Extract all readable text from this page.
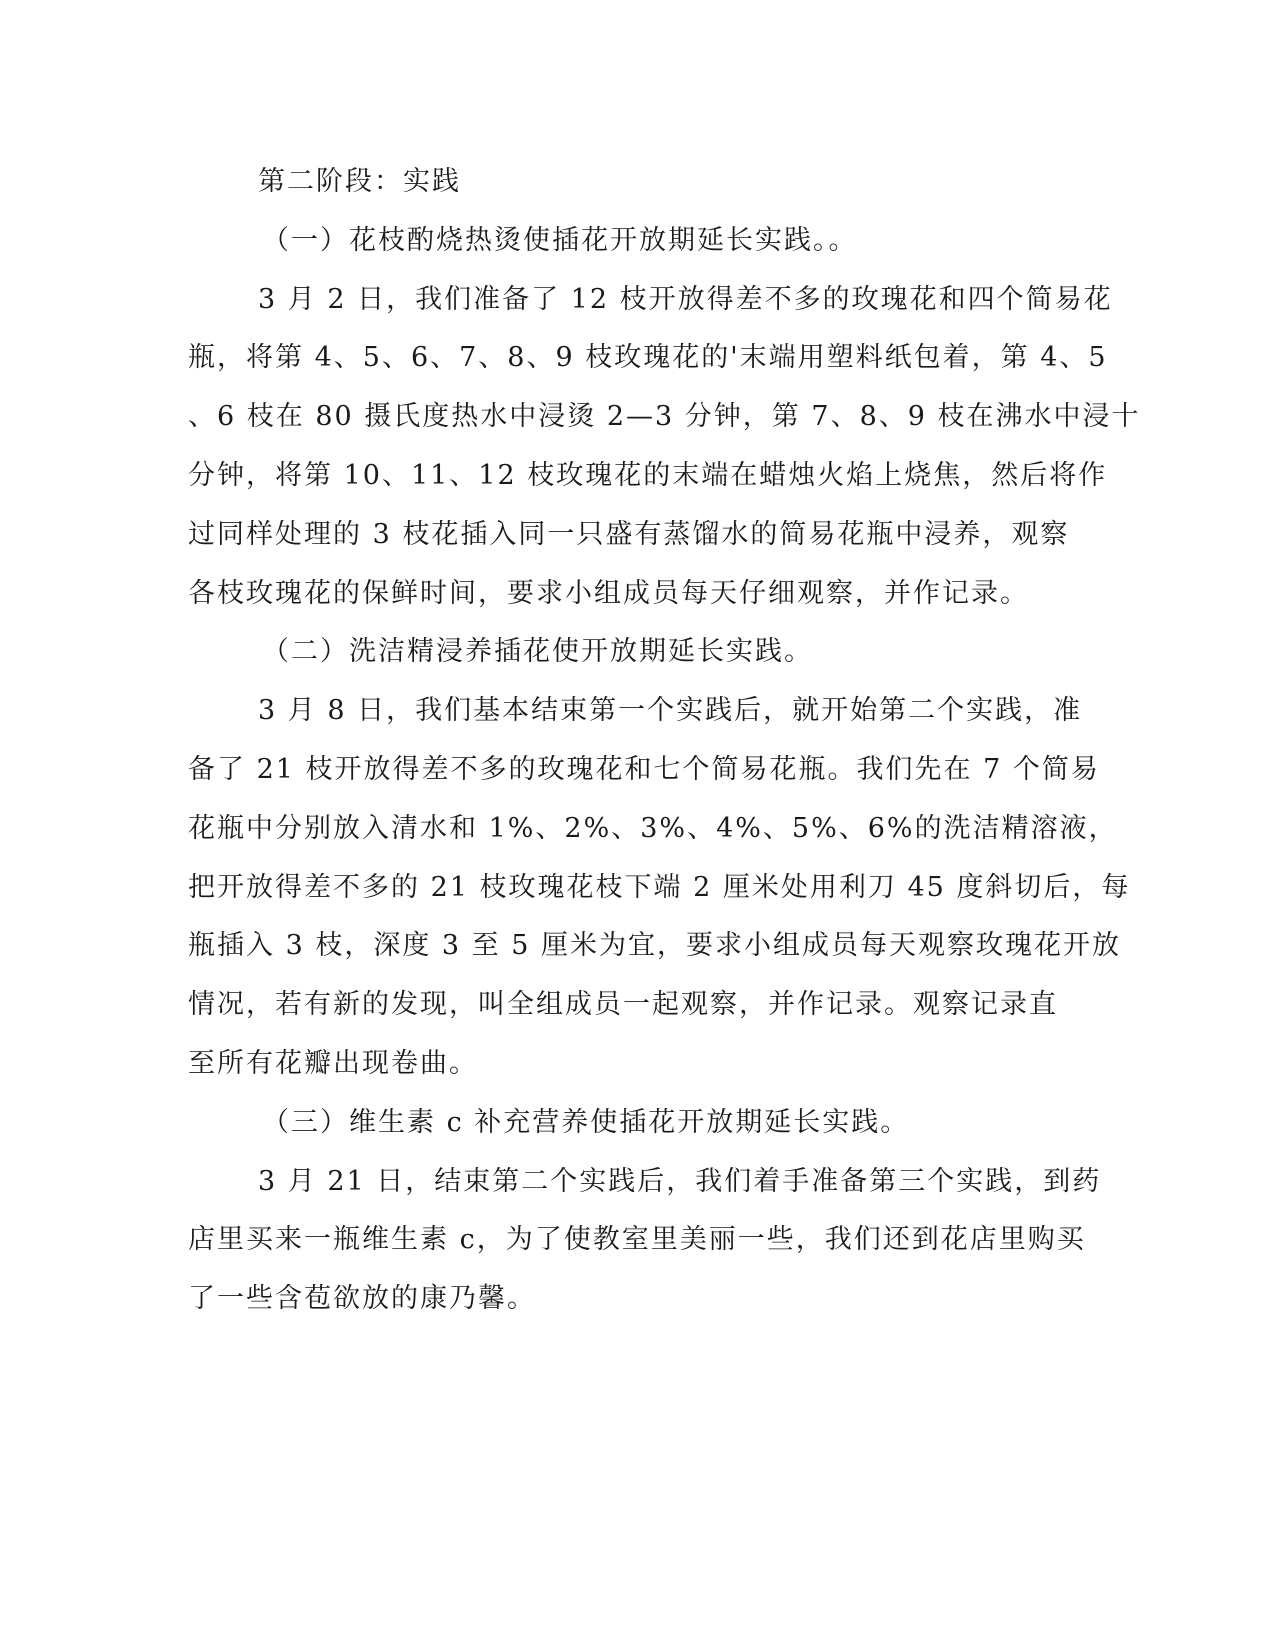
第二阶段：实践
（一）花枝酌烧热烫使插花开放期延长实践。。
3 月 2 日，我们准备了 12 枝开放得差不多的玫瑰花和四个简易花
瓶，将第 4、5、6、7、8、9 枝玫瑰花的'末端用塑料纸包着，第 4、5
、6 枝在 80 摄氏度热水中浸烫 2—3 分钟，第 7、8、9 枝在沸水中浸十
分钟，将第 10、11、12 枝玫瑰花的末端在蜡烛火焰上烧焦，然后将作
过同样处理的 3 枝花插入同一只盛有蒸馏水的简易花瓶中浸养，观察
各枝玫瑰花的保鲜时间，要求小组成员每天仔细观察，并作记录。
（二）洗洁精浸养插花使开放期延长实践。
3 月 8 日，我们基本结束第一个实践后，就开始第二个实践，准
备了 21 枝开放得差不多的玫瑰花和七个简易花瓶。我们先在 7 个简易
花瓶中分别放入清水和 1%、2%、3%、4%、5%、6%的洗洁精溶液，
把开放得差不多的 21 枝玫瑰花枝下端 2 厘米处用利刀 45 度斜切后，每
瓶插入 3 枝，深度 3 至 5 厘米为宜，要求小组成员每天观察玫瑰花开放
情况，若有新的发现，叫全组成员一起观察，并作记录。观察记录直
至所有花瓣出现卷曲。
（三）维生素 c 补充营养使插花开放期延长实践。
3 月 21 日，结束第二个实践后，我们着手准备第三个实践，到药
店里买来一瓶维生素 c，为了使教室里美丽一些，我们还到花店里购买
了一些含苞欲放的康乃馨。
